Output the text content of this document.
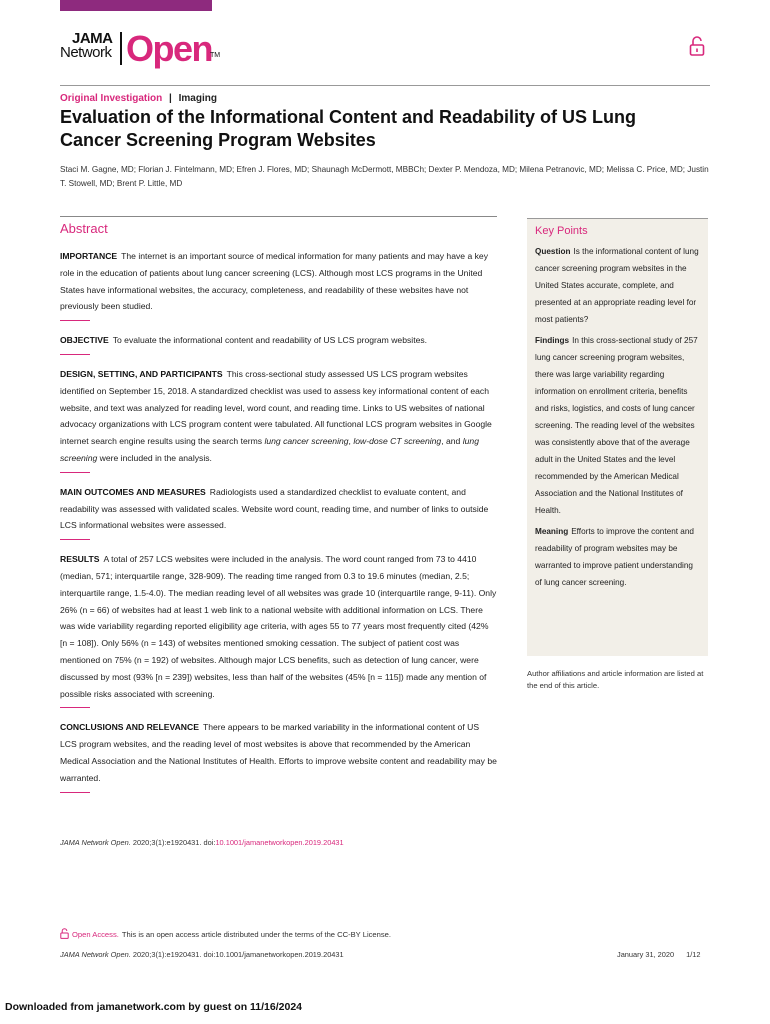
JAMA
Network Open
TM
Original Investigation | Imaging
Evaluation of the Informational Content and Readability of US Lung Cancer Screening Program Websites
Staci M. Gagne, MD; Florian J. Fintelmann, MD; Efren J. Flores, MD; Shaunagh McDermott, MBBCh; Dexter P. Mendoza, MD; Milena Petranovic, MD; Melissa C. Price, MD; Justin T. Stowell, MD; Brent P. Little, MD
Abstract

IMPORTANCE The internet is an important source of medical information for many patients and may have a key role in the education of patients about lung cancer screening (LCS). Although most LCS programs in the United States have informational websites, the accuracy, completeness, and readability of these websites have not previously been studied.

OBJECTIVE To evaluate the informational content and readability of US LCS program websites.

DESIGN, SETTING, AND PARTICIPANTS This cross-sectional study assessed US LCS program websites identified on September 15, 2018. A standardized checklist was used to assess key informational content of each website, and text was analyzed for reading level, word count, and reading time. Links to US websites of national advocacy organizations with LCS program content were tabulated. All functional LCS program websites in Google internet search engine results using the search terms lung cancer screening, low-dose CT screening, and lung screening were included in the analysis.

MAIN OUTCOMES AND MEASURES Radiologists used a standardized checklist to evaluate content, and readability was assessed with validated scales. Website word count, reading time, and number of links to outside LCS informational websites were assessed.

RESULTS A total of 257 LCS websites were included in the analysis. The word count ranged from 73 to 4410 (median, 571; interquartile range, 328-909). The reading time ranged from 0.3 to 19.6 minutes (median, 2.5; interquartile range, 1.5-4.0). The median reading level of all websites was grade 10 (interquartile range, 9-11). Only 26% (n = 66) of websites had at least 1 web link to a national website with additional information on LCS. There was wide variability regarding reported eligibility age criteria, with ages 55 to 77 years most frequently cited (42% [n = 108]). Only 56% (n = 143) of websites mentioned smoking cessation. The subject of patient cost was mentioned on 75% (n = 192) of websites. Although major LCS benefits, such as detection of lung cancer, were discussed by most (93% [n = 239]) websites, less than half of the websites (45% [n = 115]) made any mention of possible risks associated with screening.

CONCLUSIONS AND RELEVANCE There appears to be marked variability in the informational content of US LCS program websites, and the reading level of most websites is above that recommended by the American Medical Association and the National Institutes of Health. Efforts to improve website content and readability may be warranted.

JAMA Network Open. 2020;3(1):e1920431. doi:10.1001/jamanetworkopen.2019.20431
Key Points

Question Is the informational content of lung cancer screening program websites in the United States accurate, complete, and presented at an appropriate reading level for most patients?

Findings In this cross-sectional study of 257 lung cancer screening program websites, there was large variability regarding information on enrollment criteria, benefits and risks, logistics, and costs of lung cancer screening. The reading level of the websites was consistently above that of the average adult in the United States and the level recommended by the American Medical Association and the National Institutes of Health.

Meaning Efforts to improve the content and readability of program websites may be warranted to improve patient understanding of lung cancer screening.

Author affiliations and article information are listed at the end of this article.
Open Access. This is an open access article distributed under the terms of the CC-BY License.
JAMA Network Open. 2020;3(1):e1920431. doi:10.1001/jamanetworkopen.2019.20431	January 31, 2020 1/12
Downloaded from jamanetwork.com by guest on 11/16/2024
